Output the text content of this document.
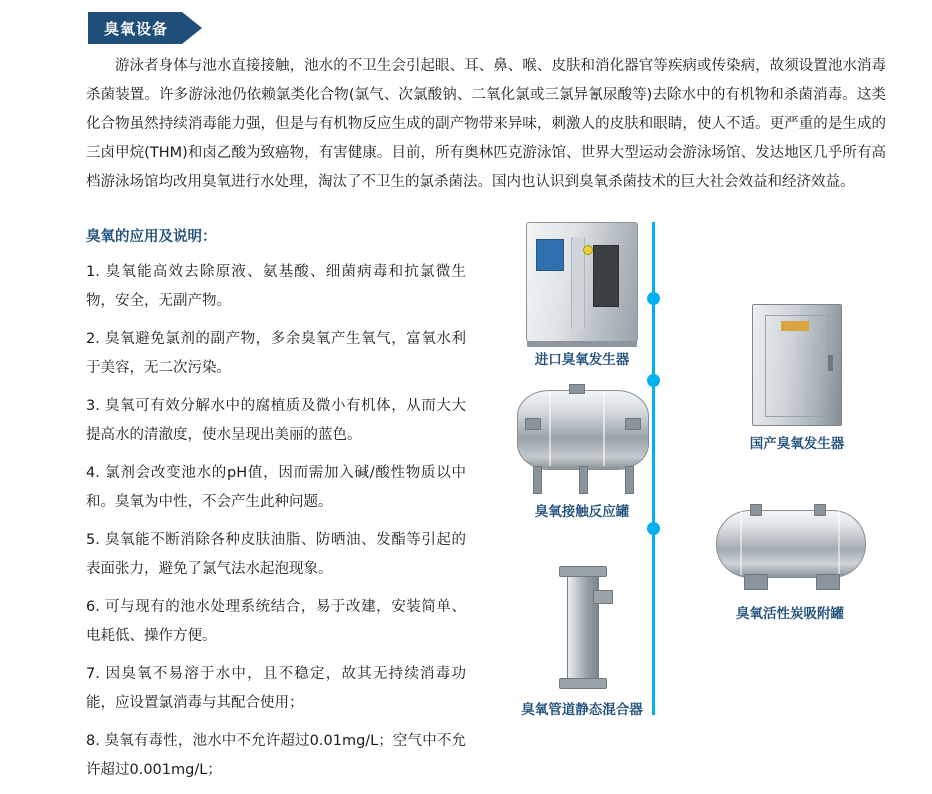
臭氧设备
游泳者身体与池水直接接触，池水的不卫生会引起眼、耳、鼻、喉、皮肤和消化器官等疾病或传染病，故须设置池水消毒杀菌装置。许多游泳池仍依赖氯类化合物(氯气、次氯酸钠、二氧化氯或三氯异氰尿酸等)去除水中的有机物和杀菌消毒。这类化合物虽然持续消毒能力强，但是与有机物反应生成的副产物带来异味，刺激人的皮肤和眼睛，使人不适。更严重的是生成的三卤甲烷(THM)和卤乙酸为致癌物，有害健康。目前，所有奥林匹克游泳馆、世界大型运动会游泳场馆、发达地区几乎所有高档游泳场馆均改用臭氧进行水处理，淘汰了不卫生的氯杀菌法。国内也认识到臭氧杀菌技术的巨大社会效益和经济效益。
臭氧的应用及说明：
1. 臭氧能高效去除原液、氨基酸、细菌病毒和抗氯微生物，安全，无副产物。
2. 臭氧避免氯剂的副产物，多余臭氧产生氧气，富氧水利于美容，无二次污染。
3. 臭氧可有效分解水中的腐植质及微小有机体，从而大大提高水的清澈度，使水呈现出美丽的蓝色。
4. 氯剂会改变池水的pH值，因而需加入碱/酸性物质以中和。臭氧为中性，不会产生此种问题。
5. 臭氧能不断消除各种皮肤油脂、防晒油、发酯等引起的表面张力，避免了氯气法水起泡现象。
6. 可与现有的池水处理系统结合，易于改建，安装简单、电耗低、操作方便。
7. 因臭氧不易溶于水中，且不稳定，故其无持续消毒功能，应设置氯消毒与其配合使用；
8. 臭氧有毒性，池水中不允许超过0.01mg/L；空气中不允许超过0.001mg/L；
进口臭氧发生器
国产臭氧发生器
臭氧接触反应罐
臭氧活性炭吸附罐
臭氧管道静态混合器
